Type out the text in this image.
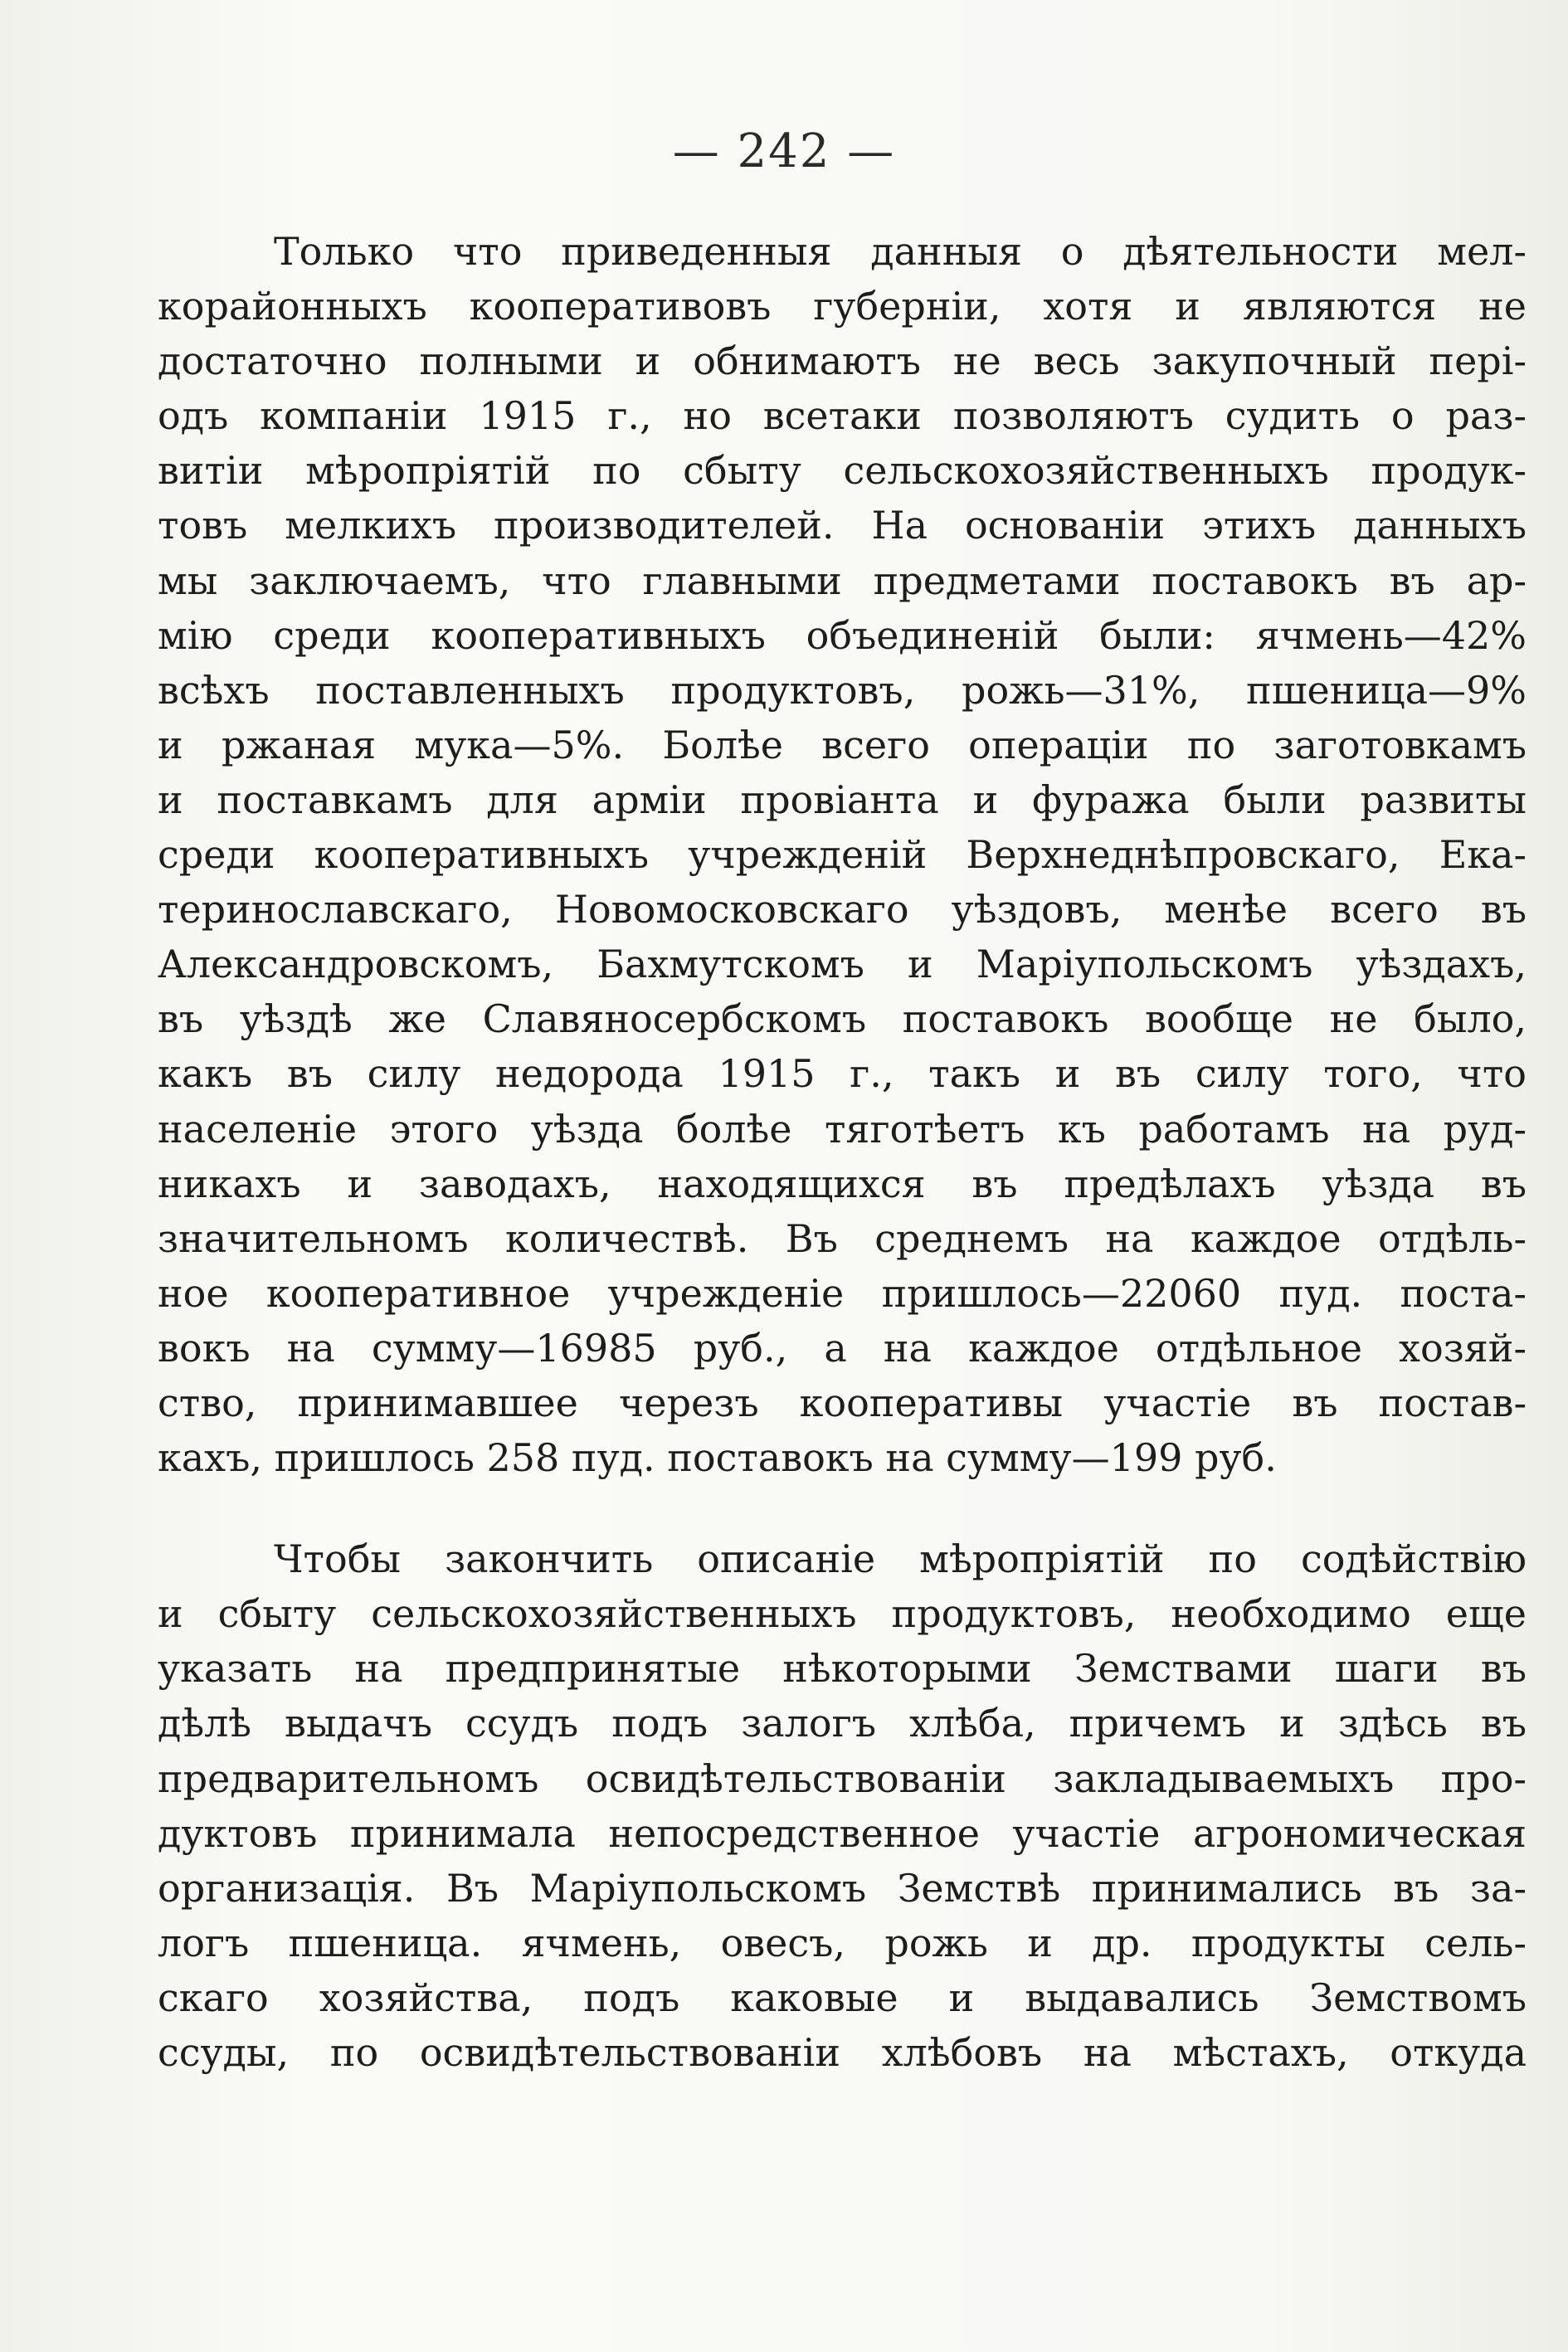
— 242 —
Только что приведенныя данныя о дѣятельности мел-
корайонныхъ кооперативовъ губерніи, хотя и являются не
достаточно полными и обнимаютъ не весь закупочный пері-
одъ компаніи 1915 г., но всетаки позволяютъ судить о раз-
витіи мѣропріятій по сбыту сельскохозяйственныхъ продук-
товъ мелкихъ производителей. На основаніи этихъ данныхъ
мы заключаемъ, что главными предметами поставокъ въ ар-
мію среди кооперативныхъ объединеній были: ячмень—42%
всѣхъ поставленныхъ продуктовъ, рожь—31%, пшеница—9%
и ржаная мука—5%. Болѣе всего операціи по заготовкамъ
и поставкамъ для арміи провіанта и фуража были развиты
среди кооперативныхъ учрежденій Верхнеднѣпровскаго, Ека-
теринославскаго, Новомосковскаго уѣздовъ, менѣе всего въ
Александровскомъ, Бахмутскомъ и Маріупольскомъ уѣздахъ,
въ уѣздѣ же Славяносербскомъ поставокъ вообще не было,
какъ въ силу недорода 1915 г., такъ и въ силу того, что
населеніе этого уѣзда болѣе тяготѣетъ къ работамъ на руд-
никахъ и заводахъ, находящихся въ предѣлахъ уѣзда въ
значительномъ количествѣ. Въ среднемъ на каждое отдѣль-
ное кооперативное учрежденіе пришлось—22060 пуд. поста-
вокъ на сумму—16985 руб., а на каждое отдѣльное хозяй-
ство, принимавшее черезъ кооперативы участіе въ постав-
кахъ, пришлось 258 пуд. поставокъ на сумму—199 руб.
Чтобы закончить описаніе мѣропріятій по содѣйствію
и сбыту сельскохозяйственныхъ продуктовъ, необходимо еще
указать на предпринятые нѣкоторыми Земствами шаги въ
дѣлѣ выдачъ ссудъ подъ залогъ хлѣба, причемъ и здѣсь въ
предварительномъ освидѣтельствованіи закладываемыхъ про-
дуктовъ принимала непосредственное участіе агрономическая
организація. Въ Маріупольскомъ Земствѣ принимались въ за-
логъ пшеница. ячмень, овесъ, рожь и др. продукты сель-
скаго хозяйства, подъ каковые и выдавались Земствомъ
ссуды, по освидѣтельствованіи хлѣбовъ на мѣстахъ, откуда
